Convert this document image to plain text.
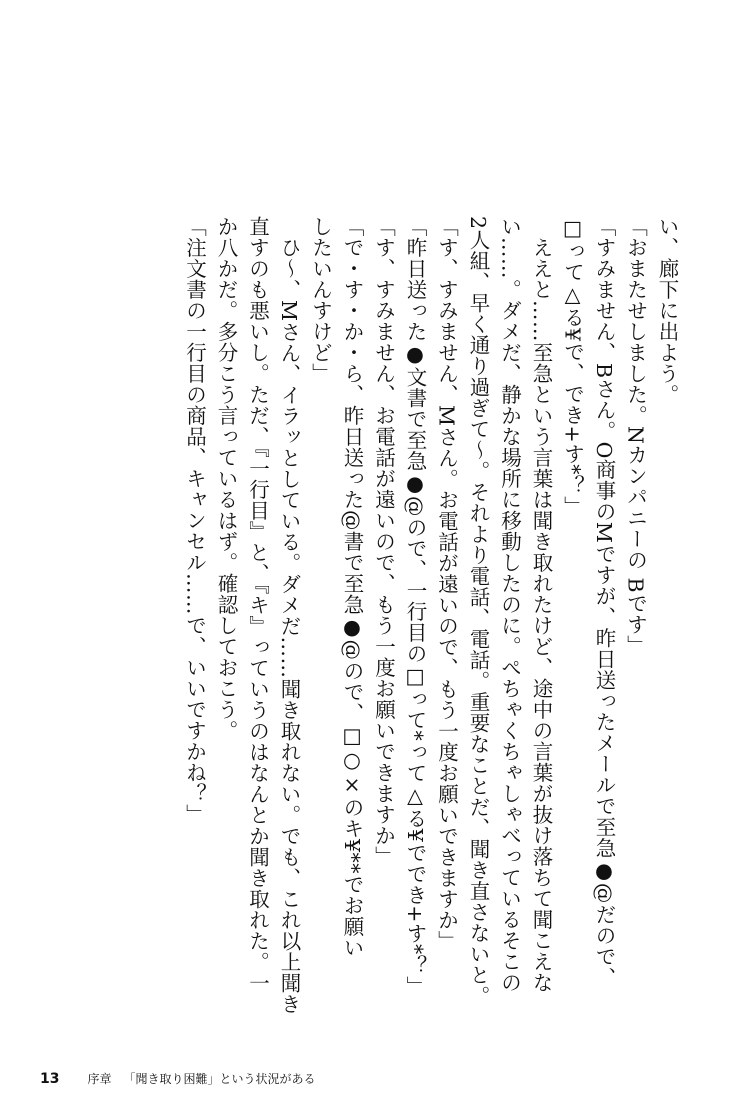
い、廊下に出よう。
「おまたせしました。Nカンパニーの Bです」
「すみません、Bさん。O商事のMですが、昨日送ったメールで至急●@だので、
□って△る¥で、でき+す*？」
　ええと……至急という言葉は聞き取れたけど、途中の言葉が抜け落ちて聞こえな
い……。ダメだ、静かな場所に移動したのに。ぺちゃくちゃしゃべっているそこの
2人組、早く通り過ぎて～。それより電話、電話。重要なことだ、聞き直さないと。
「す、すみません、Mさん。お電話が遠いので、もう一度お願いできますか」
「昨日送った●文書で至急●@ので、一行目の□って*って△る¥ででき+す*？」
「す、すみません、お電話が遠いので、もう一度お願いできますか」
「で・す・か・ら、昨日送った@書で至急●@ので、□○×のキ¥**でお願い
したいんすけど」
　ひ～、Mさん、イラッとしている。ダメだ……聞き取れない。でも、これ以上聞き
直すのも悪いし。ただ、『一行目』と、『キ』っていうのはなんとか聞き取れた。一
か八かだ。多分こう言っているはず。確認しておこう。
「注文書の一行目の商品、キャンセル……で、いいですかね？」
13 序章 「聞き取り困難」という状況がある
